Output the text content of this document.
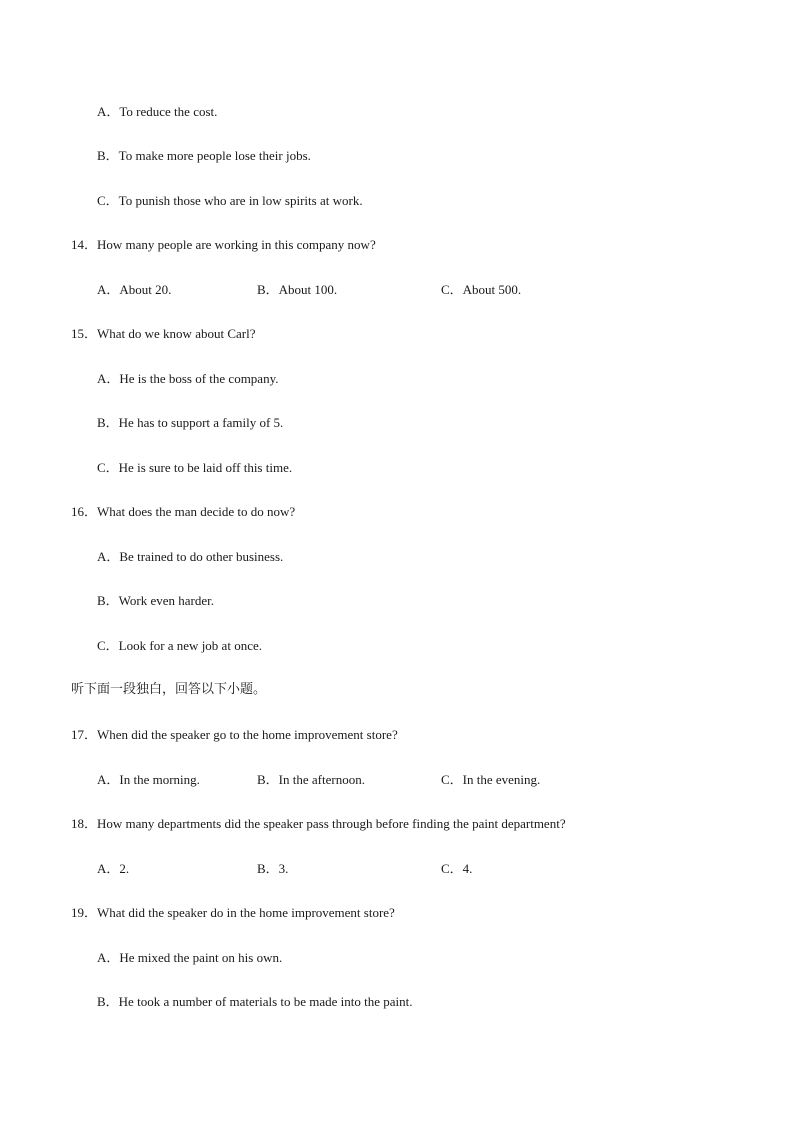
A．To reduce the cost.
B．To make more people lose their jobs.
C．To punish those who are in low spirits at work.
14．How many people are working in this company now?
A．About 20.	B．About 100.	C．About 500.
15．What do we know about Carl?
A．He is the boss of the company.
B．He has to support a family of 5.
C．He is sure to be laid off this time.
16．What does the man decide to do now?
A．Be trained to do other business.
B．Work even harder.
C．Look for a new job at once.
听下面一段独白，回答以下小题。
17．When did the speaker go to the home improvement store?
A．In the morning.	B．In the afternoon.	C．In the evening.
18．How many departments did the speaker pass through before finding the paint department?
A．2.	B．3.	C．4.
19．What did the speaker do in the home improvement store?
A．He mixed the paint on his own.
B．He took a number of materials to be made into the paint.
